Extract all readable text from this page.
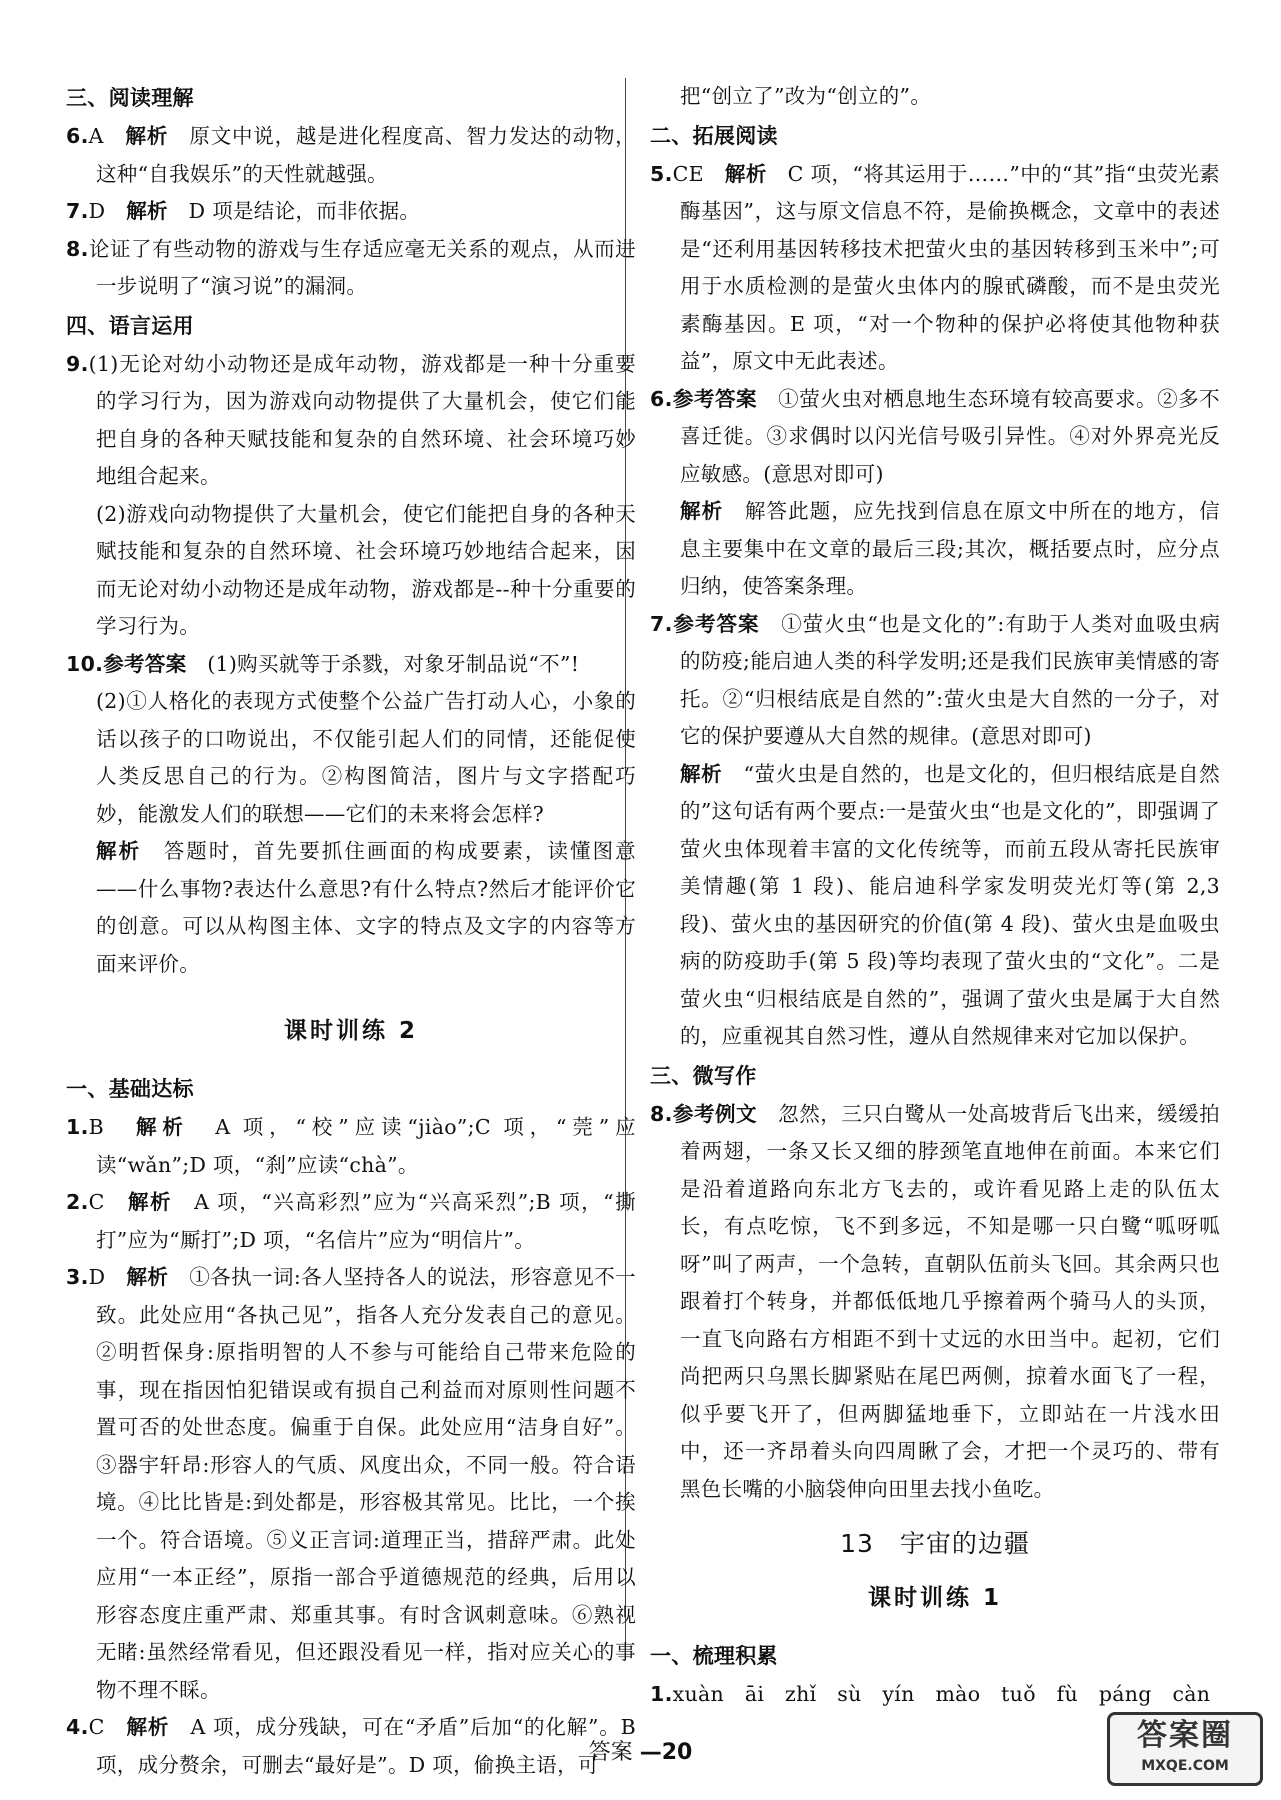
三、阅读理解

6.A　 解析　 原文中说，越是进化程度高、智力发达的动物，这种“自我娱乐”的天性就越强。

7.D　 解析　 D 项是结论，而非依据。

8.论证了有些动物的游戏与生存适应毫无关系的观点，从而进一步说明了“演习说”的漏洞。

四、语言运用

9.(1)无论对幼小动物还是成年动物，游戏都是一种十分重要的学习行为，因为游戏向动物提供了大量机会，使它们能把自身的各种天赋技能和复杂的自然环境、社会环境巧妙地组合起来。

(2)游戏向动物提供了大量机会，使它们能把自身的各种天赋技能和复杂的自然环境、社会环境巧妙地结合起来，因而无论对幼小动物还是成年动物，游戏都是--种十分重要的学习行为。

10.参考答案　 (1)购买就等于杀戮，对象牙制品说“不”!

(2)①人格化的表现方式使整个公益广告打动人心，小象的话以孩子的口吻说出，不仅能引起人们的同情，还能促使人类反思自己的行为。②构图简洁，图片与文字搭配巧妙，能激发人们的联想——它们的未来将会怎样?

解析　 答题时，首先要抓住画面的构成要素，读懂图意——什么事物?表达什么意思?有什么特点?然后才能评价它的创意。可以从构图主体、文字的特点及文字的内容等方面来评价。

课时训练 2

一、基础达标

1.B　 解析　 A 项，“校”应读“jiào”;C 项，“莞”应读“wǎn”;D 项，“刹”应读“chà”。

2.C　 解析　 A 项，“兴高彩烈”应为“兴高采烈”;B 项，“撕打”应为“厮打”;D 项，“名信片”应为“明信片”。

3.D　 解析　 ①各执一词:各人坚持各人的说法，形容意见不一致。此处应用“各执己见”，指各人充分发表自己的意见。②明哲保身:原指明智的人不参与可能给自己带来危险的事，现在指因怕犯错误或有损自己利益而对原则性问题不置可否的处世态度。偏重于自保。此处应用“洁身自好”。③器宇轩昂:形容人的气质、风度出众，不同一般。符合语境。④比比皆是:到处都是，形容极其常见。比比，一个挨一个。符合语境。⑤义正言词:道理正当，措辞严肃。此处应用“一本正经”，原指一部合乎道德规范的经典，后用以形容态度庄重严肃、郑重其事。有时含讽刺意味。⑥熟视无睹:虽然经常看见，但还跟没看见一样，指对应关心的事物不理不睬。

4.C　 解析　 A 项，成分残缺，可在“矛盾”后加“的化解”。B 项，成分赘余，可删去“最好是”。D 项，偷换主语，可

把“创立了”改为“创立的”。

二、拓展阅读

5.CE　 解析　 C 项，“将其运用于……”中的“其”指“虫荧光素酶基因”，这与原文信息不符，是偷换概念，文章中的表述是“还利用基因转移技术把萤火虫的基因转移到玉米中”;可用于水质检测的是萤火虫体内的腺甙磷酸，而不是虫荧光素酶基因。E 项，“对一个物种的保护必将使其他物种获益”，原文中无此表述。

6.参考答案　 ①萤火虫对栖息地生态环境有较高要求。②多不喜迁徙。③求偶时以闪光信号吸引异性。④对外界亮光反应敏感。(意思对即可)

解析　 解答此题，应先找到信息在原文中所在的地方，信息主要集中在文章的最后三段;其次，概括要点时，应分点归纳，使答案条理。

7.参考答案　 ①萤火虫“也是文化的”:有助于人类对血吸虫病的防疫;能启迪人类的科学发明;还是我们民族审美情感的寄托。②“归根结底是自然的”:萤火虫是大自然的一分子，对它的保护要遵从大自然的规律。(意思对即可)

解析　 “萤火虫是自然的，也是文化的，但归根结底是自然的”这句话有两个要点:一是萤火虫“也是文化的”，即强调了萤火虫体现着丰富的文化传统等，而前五段从寄托民族审美情趣(第 1 段)、能启迪科学家发明荧光灯等(第 2,3 段)、萤火虫的基因研究的价值(第 4 段)、萤火虫是血吸虫病的防疫助手(第 5 段)等均表现了萤火虫的“文化”。二是萤火虫“归根结底是自然的”，强调了萤火虫是属于大自然的，应重视其自然习性，遵从自然规律来对它加以保护。

三、微写作

8.参考例文　 忽然，三只白鹭从一处高坡背后飞出来，缓缓拍着两翅，一条又长又细的脖颈笔直地伸在前面。本来它们是沿着道路向东北方飞去的，或许看见路上走的队伍太长，有点吃惊，飞不到多远，不知是哪一只白鹭“呱呀呱呀”叫了两声，一个急转，直朝队伍前头飞回。其余两只也跟着打个转身，并都低低地几乎擦着两个骑马人的头顶，一直飞向路右方相距不到十丈远的水田当中。起初，它们尚把两只乌黑长脚紧贴在尾巴两侧，掠着水面飞了一程，似乎要飞开了，但两脚猛地垂下，立即站在一片浅水田中，还一齐昂着头向四周瞅了会，才把一个灵巧的、带有黑色长嘴的小脑袋伸向田里去找小鱼吃。

13　宇宙的边疆

课时训练 1

一、梳理积累

1.xuàn　āi　zhǐ　sù　yín　mào　tuǒ　fù　páng　càn

答案 —20	答案圈
MXQE.COM
